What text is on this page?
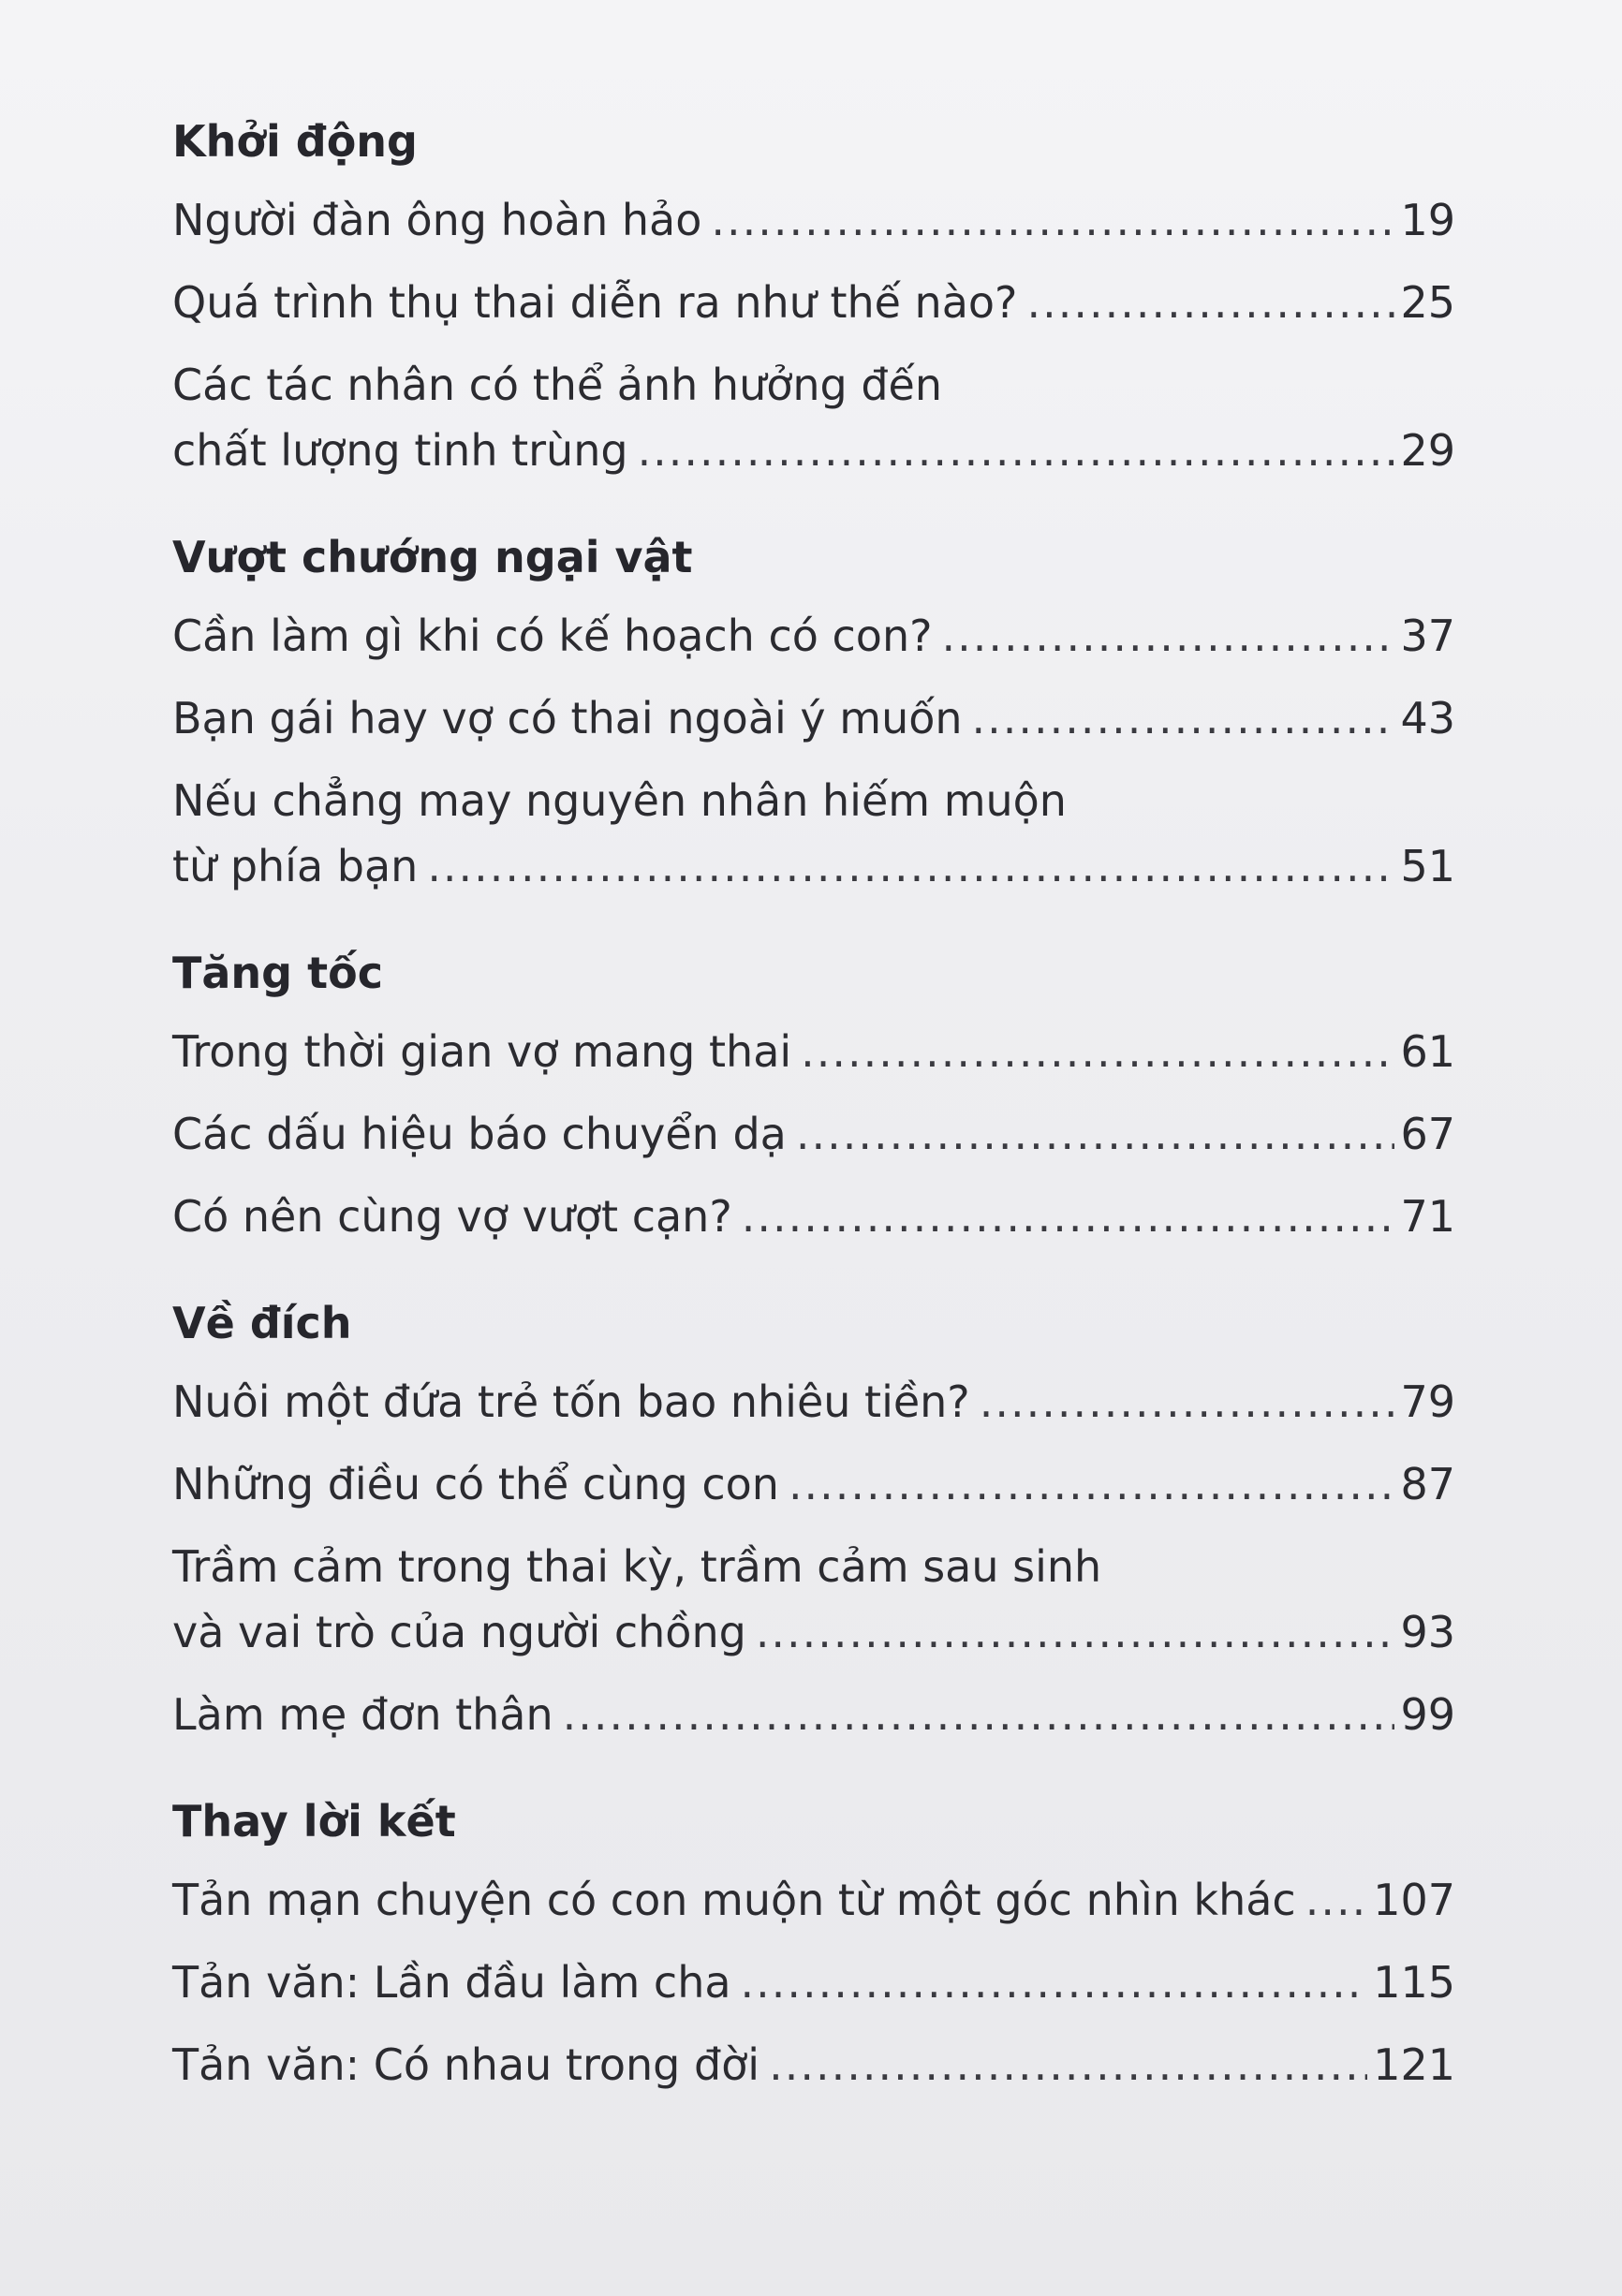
Khởi động
Người đàn ông hoàn hảo .....	19
Quá trình thụ thai diễn ra như thế nào? .....	25
Các tác nhân có thể ảnh hưởng đến
chất lượng tinh trùng .....	29
Vượt chướng ngại vật
Cần làm gì khi có kế hoạch có con? .....	37
Bạn gái hay vợ có thai ngoài ý muốn .....	43
Nếu chẳng may nguyên nhân hiếm muộn
từ phía bạn .....	51
Tăng tốc
Trong thời gian vợ mang thai .....	61
Các dấu hiệu báo chuyển dạ .....	67
Có nên cùng vợ vượt cạn? .....	71
Về đích
Nuôi một đứa trẻ tốn bao nhiêu tiền? .....	79
Những điều có thể cùng con .....	87
Trầm cảm trong thai kỳ, trầm cảm sau sinh
và vai trò của người chồng .....	93
Làm mẹ đơn thân .....	99
Thay lời kết
Tản mạn chuyện có con muộn từ một góc nhìn khác ..... 107
Tản văn: Lần đầu làm cha .....	115
Tản văn: Có nhau trong đời .....	121
